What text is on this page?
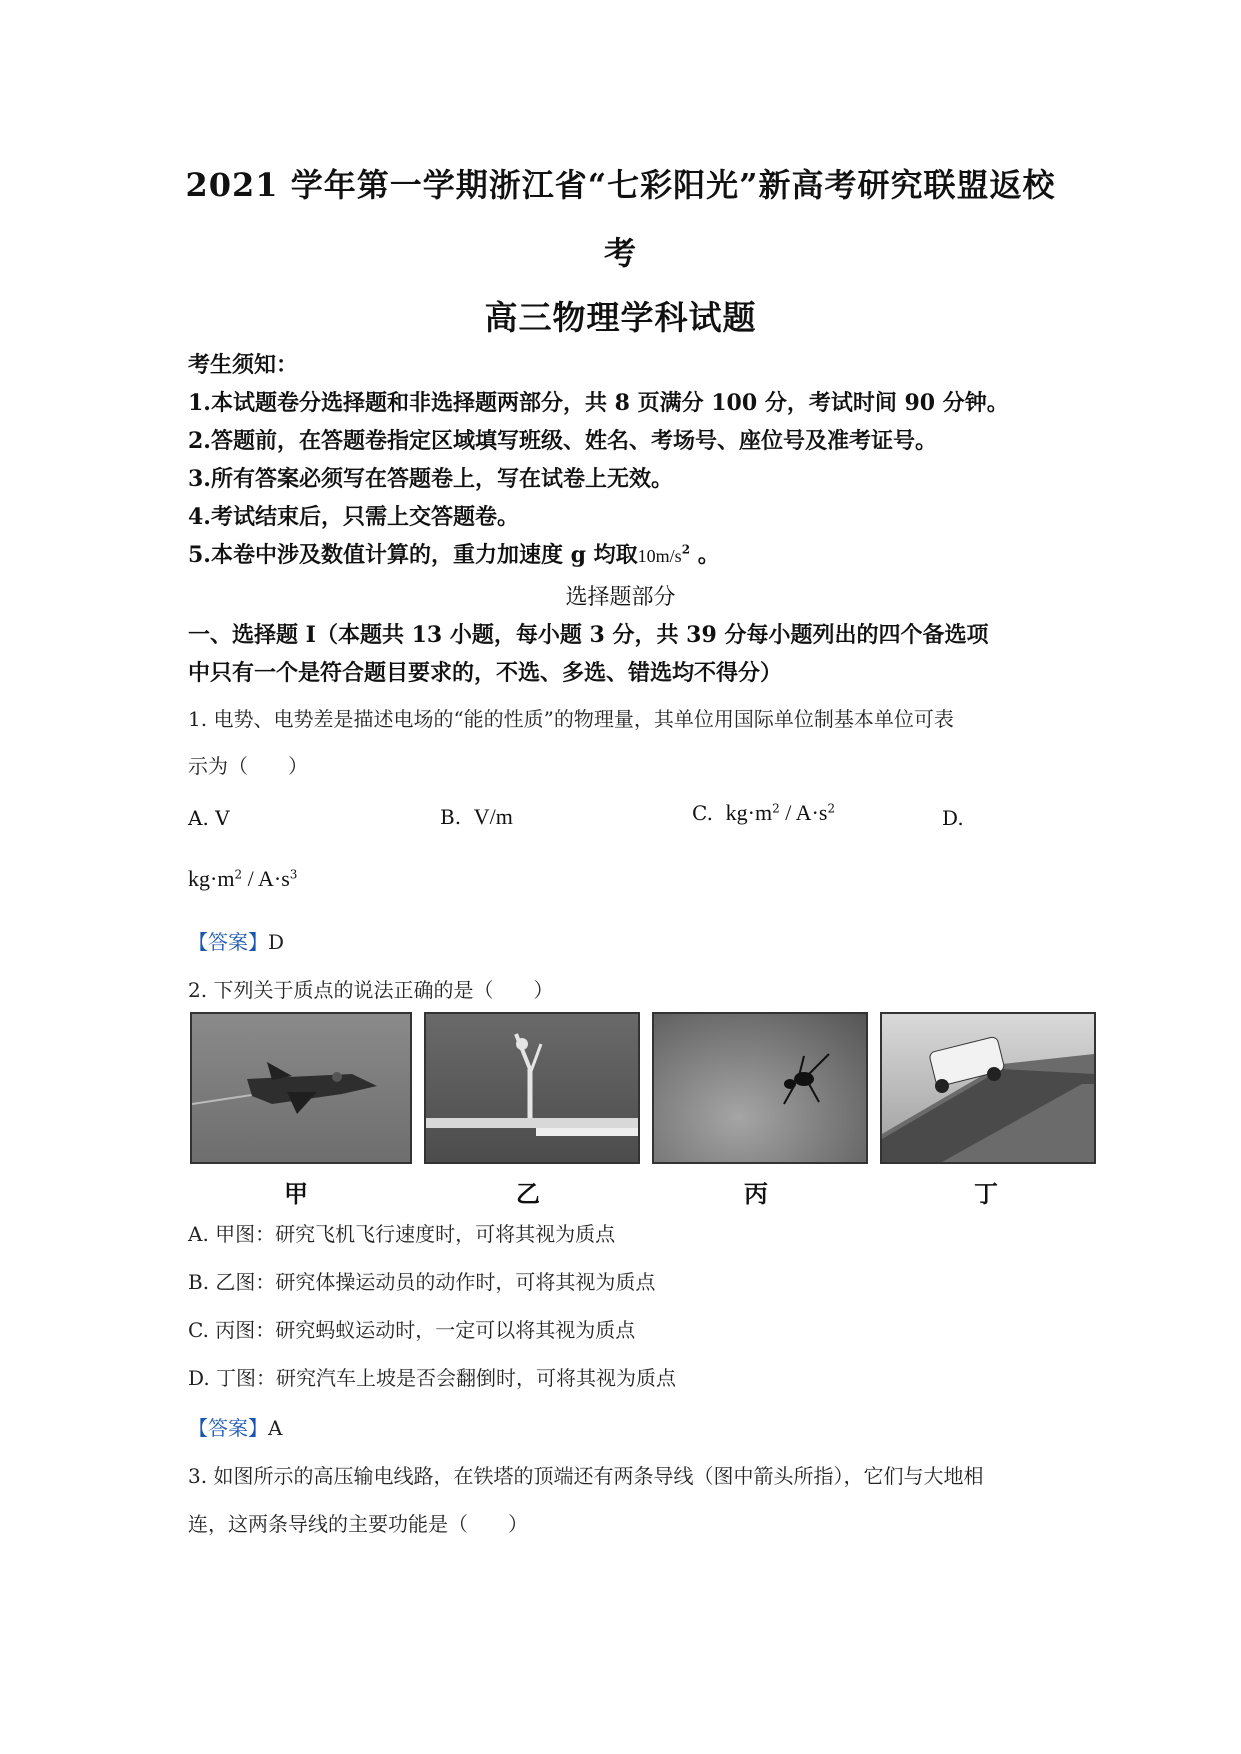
2021 学年第一学期浙江省“七彩阳光”新高考研究联盟返校
考
高三物理学科试题
考生须知：
1.本试题卷分选择题和非选择题两部分，共 8 页满分 100 分，考试时间 90 分钟。
2.答题前，在答题卷指定区域填写班级、姓名、考场号、座位号及准考证号。
3.所有答案必须写在答题卷上，写在试卷上无效。
4.考试结束后，只需上交答题卷。
5.本卷中涉及数值计算的，重力加速度 g 均取$10m/s^2$ 。
选择题部分
一、选择题 I（本题共 13 小题，每小题 3 分，共 39 分每小题列出的四个备选项
中只有一个是符合题目要求的，不选、多选、错选均不得分）
1. 电势、电势差是描述电场的“能的性质”的物理量，其单位用国际单位制基本单位可表
示为（　　）
A. V	B. V/m	C. $kg\cdot m^2 / A\cdot s^2$	D.
$kg\cdot m^2 / A\cdot s^3$
【答案】D
2. 下列关于质点的说法正确的是（　　）
甲	乙	丙	丁
A. 甲图：研究飞机飞行速度时，可将其视为质点
B. 乙图：研究体操运动员的动作时，可将其视为质点
C. 丙图：研究蚂蚁运动时，一定可以将其视为质点
D. 丁图：研究汽车上坡是否会翻倒时，可将其视为质点
【答案】A
3. 如图所示的高压输电线路，在铁塔的顶端还有两条导线（图中箭头所指），它们与大地相
连，这两条导线的主要功能是（　　）
